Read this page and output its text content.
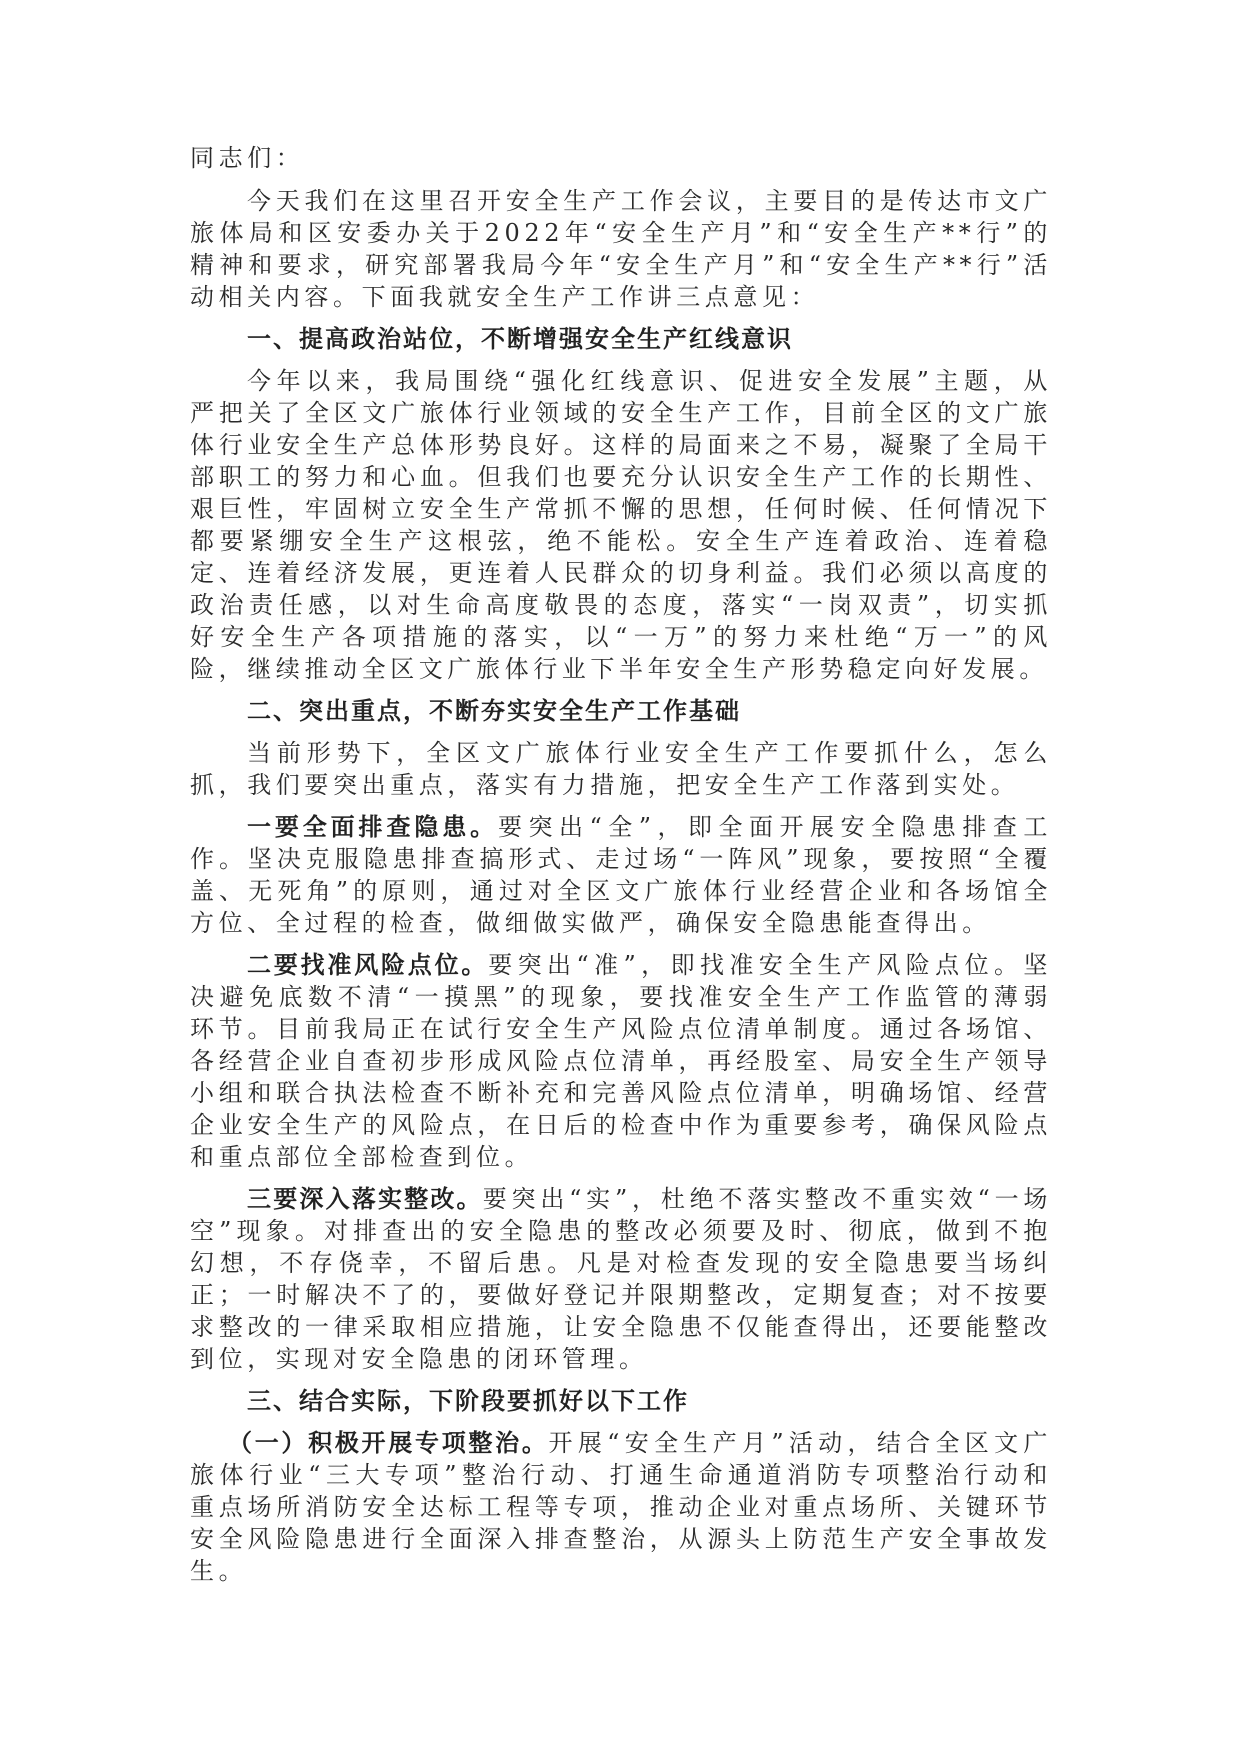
同志们：

今天我们在这里召开安全生产工作会议，主要目的是传达市文广旅体局和区安委办关于2022年“安全生产月”和“安全生产**行”的精神和要求，研究部署我局今年“安全生产月”和“安全生产**行”活动相关内容。下面我就安全生产工作讲三点意见：

一、提高政治站位，不断增强安全生产红线意识

今年以来，我局围绕“强化红线意识、促进安全发展”主题，从严把关了全区文广旅体行业领域的安全生产工作，目前全区的文广旅体行业安全生产总体形势良好。这样的局面来之不易，凝聚了全局干部职工的努力和心血。但我们也要充分认识安全生产工作的长期性、艰巨性，牢固树立安全生产常抓不懈的思想，任何时候、任何情况下都要紧绷安全生产这根弦，绝不能松。安全生产连着政治、连着稳定、连着经济发展，更连着人民群众的切身利益。我们必须以高度的政治责任感，以对生命高度敬畏的态度，落实“一岗双责”，切实抓好安全生产各项措施的落实，以“一万”的努力来杜绝“万一”的风险，继续推动全区文广旅体行业下半年安全生产形势稳定向好发展。

二、突出重点，不断夯实安全生产工作基础

当前形势下，全区文广旅体行业安全生产工作要抓什么，怎么抓，我们要突出重点，落实有力措施，把安全生产工作落到实处。

一要全面排查隐患。要突出“全”，即全面开展安全隐患排查工作。坚决克服隐患排查搞形式、走过场“一阵风”现象，要按照“全覆盖、无死角”的原则，通过对全区文广旅体行业经营企业和各场馆全方位、全过程的检查，做细做实做严，确保安全隐患能查得出。

二要找准风险点位。要突出“准”，即找准安全生产风险点位。坚决避免底数不清“一摸黑”的现象，要找准安全生产工作监管的薄弱环节。目前我局正在试行安全生产风险点位清单制度。通过各场馆、各经营企业自查初步形成风险点位清单，再经股室、局安全生产领导小组和联合执法检查不断补充和完善风险点位清单，明确场馆、经营企业安全生产的风险点，在日后的检查中作为重要参考，确保风险点和重点部位全部检查到位。

三要深入落实整改。要突出“实”，杜绝不落实整改不重实效“一场空”现象。对排查出的安全隐患的整改必须要及时、彻底，做到不抱幻想，不存侥幸，不留后患。凡是对检查发现的安全隐患要当场纠正；一时解决不了的，要做好登记并限期整改，定期复查；对不按要求整改的一律采取相应措施，让安全隐患不仅能查得出，还要能整改到位，实现对安全隐患的闭环管理。

三、结合实际，下阶段要抓好以下工作

（一）积极开展专项整治。开展“安全生产月”活动，结合全区文广旅体行业“三大专项”整治行动、打通生命通道消防专项整治行动和重点场所消防安全达标工程等专项，推动企业对重点场所、关键环节安全风险隐患进行全面深入排查整治，从源头上防范生产安全事故发生。
